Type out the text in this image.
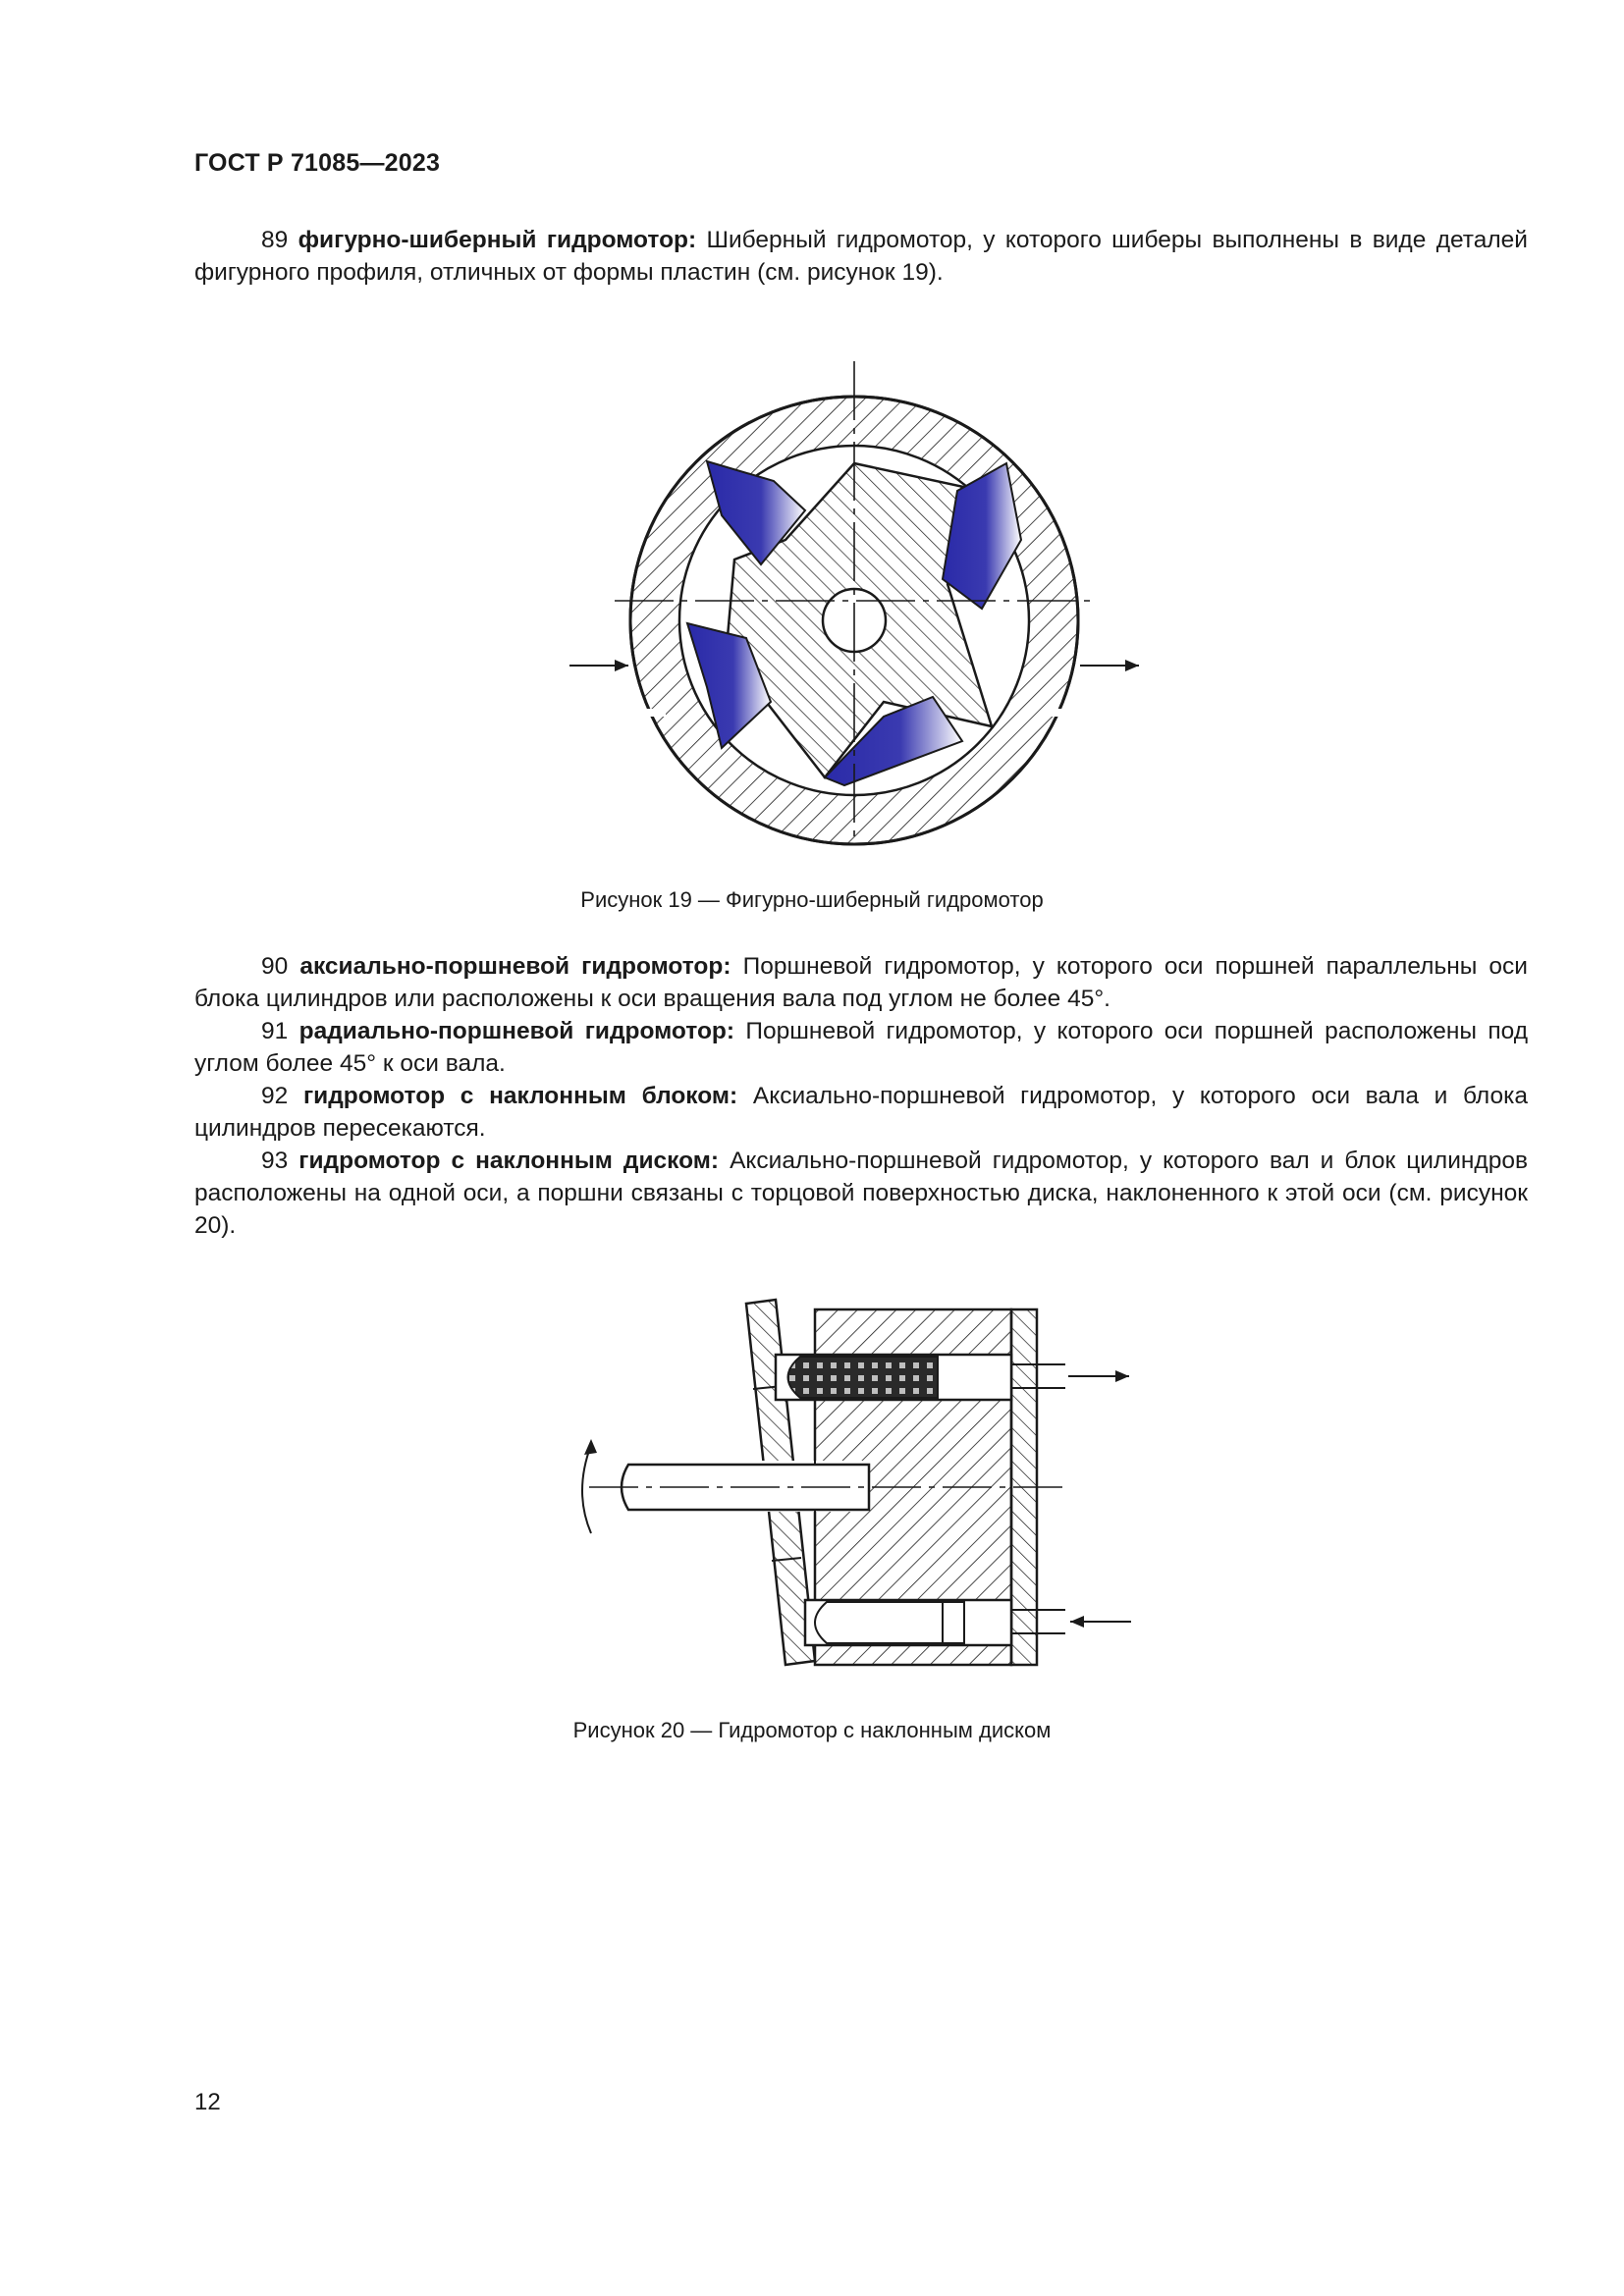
ГОСТ Р 71085—2023
89 фигурно-шиберный гидромотор: Шиберный гидромотор, у которого шиберы выполнены в виде деталей фигурного профиля, отличных от формы пластин (см. рисунок 19).
Рисунок 19 — Фигурно-шиберный гидромотор
90 аксиально-поршневой гидромотор: Поршневой гидромотор, у которого оси поршней параллельны оси блока цилиндров или расположены к оси вращения вала под углом не более 45°.
91 радиально-поршневой гидромотор: Поршневой гидромотор, у которого оси поршней расположены под углом более 45° к оси вала.
92 гидромотор с наклонным блоком: Аксиально-поршневой гидромотор, у которого оси вала и блока цилиндров пересекаются.
93 гидромотор с наклонным диском: Аксиально-поршневой гидромотор, у которого вал и блок цилиндров расположены на одной оси, а поршни связаны с торцовой поверхностью диска, наклоненного к этой оси (см. рисунок 20).
Рисунок 20 — Гидромотор с наклонным диском
12
